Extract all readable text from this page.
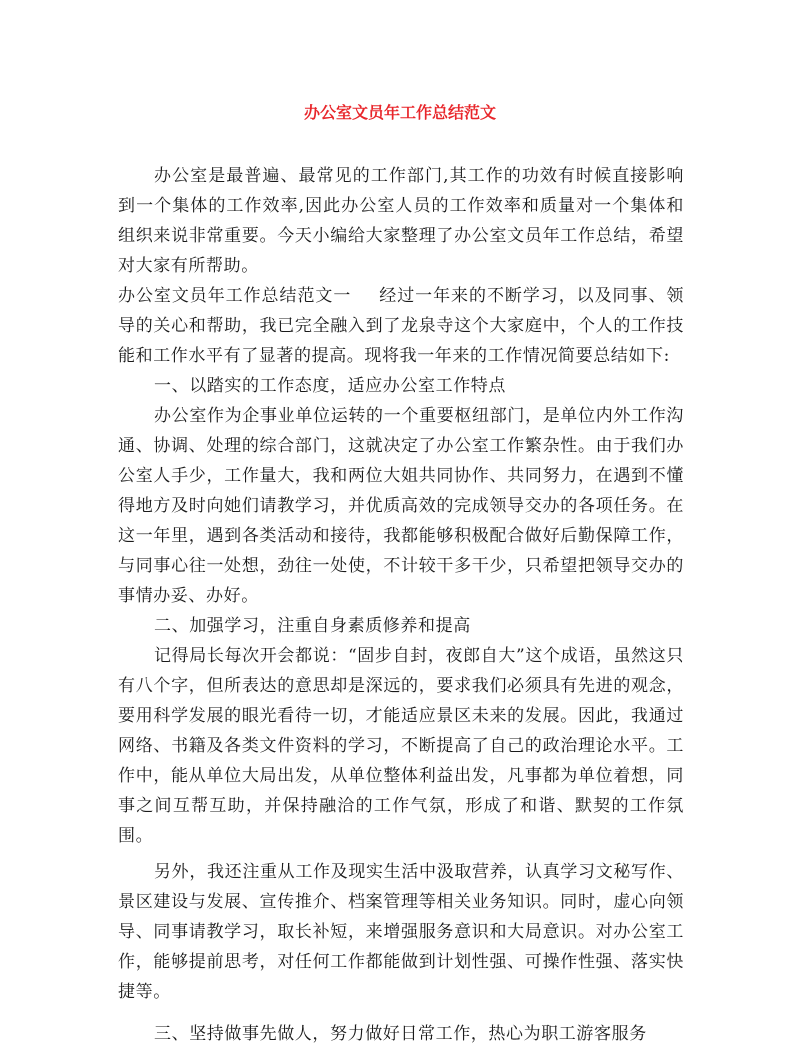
办公室文员年工作总结范文

办公室是最普遍、最常见的工作部门,其工作的功效有时候直接影响到一个集体的工作效率,因此办公室人员的工作效率和质量对一个集体和组织来说非常重要。今天小编给大家整理了办公室文员年工作总结，希望对大家有所帮助。

办公室文员年工作总结范文一 经过一年来的不断学习，以及同事、领导的关心和帮助，我已完全融入到了龙泉寺这个大家庭中，个人的工作技能和工作水平有了显著的提高。现将我一年来的工作情况简要总结如下:

一、以踏实的工作态度，适应办公室工作特点

办公室作为企事业单位运转的一个重要枢纽部门，是单位内外工作沟通、协调、处理的综合部门，这就决定了办公室工作繁杂性。由于我们办公室人手少，工作量大，我和两位大姐共同协作、共同努力，在遇到不懂得地方及时向她们请教学习，并优质高效的完成领导交办的各项任务。在这一年里，遇到各类活动和接待，我都能够积极配合做好后勤保障工作，与同事心往一处想，劲往一处使，不计较干多干少，只希望把领导交办的事情办妥、办好。

二、加强学习，注重自身素质修养和提高

记得局长每次开会都说：“固步自封，夜郎自大”这个成语，虽然这只有八个字，但所表达的意思却是深远的，要求我们必须具有先进的观念，要用科学发展的眼光看待一切，才能适应景区未来的发展。因此，我通过网络、书籍及各类文件资料的学习，不断提高了自己的政治理论水平。工作中，能从单位大局出发，从单位整体利益出发，凡事都为单位着想，同事之间互帮互助，并保持融洽的工作气氛，形成了和谐、默契的工作氛围。

另外，我还注重从工作及现实生活中汲取营养，认真学习文秘写作、景区建设与发展、宣传推介、档案管理等相关业务知识。同时，虚心向领导、同事请教学习，取长补短，来增强服务意识和大局意识。对办公室工作，能够提前思考，对任何工作都能做到计划性强、可操作性强、落实快捷等。

三、坚持做事先做人，努力做好日常工作，热心为职工游客服务
